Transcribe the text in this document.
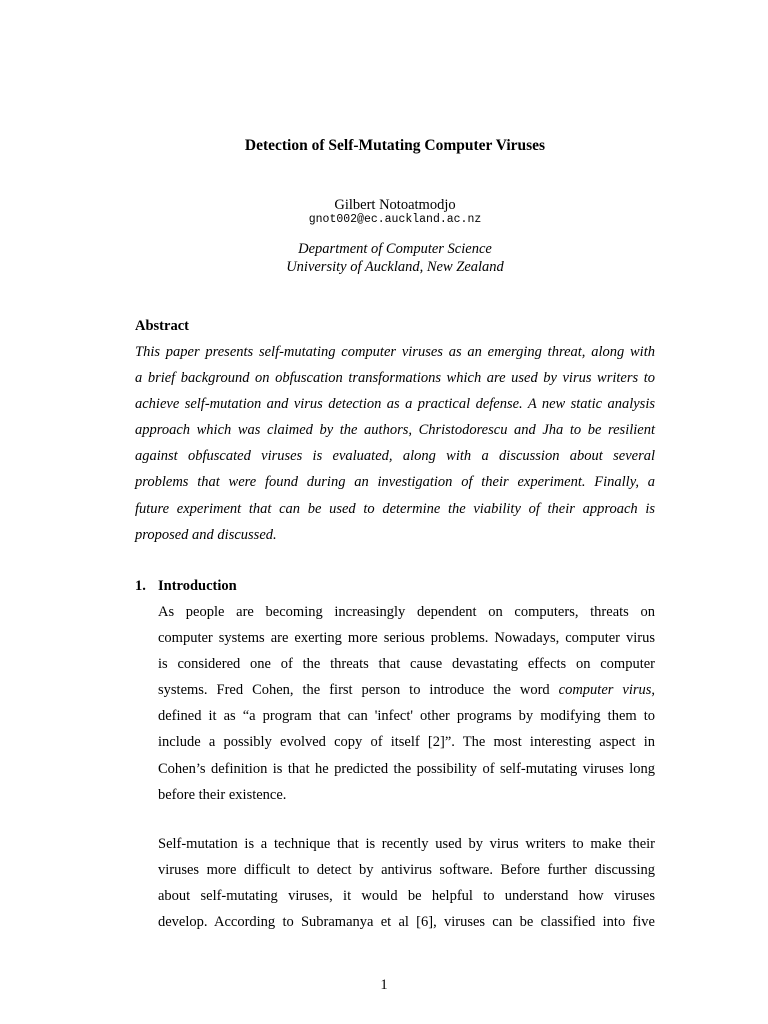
Detection of Self-Mutating Computer Viruses
Gilbert Notoatmodjo
gnot002@ec.auckland.ac.nz
Department of Computer Science
University of Auckland, New Zealand
Abstract
This paper presents self-mutating computer viruses as an emerging threat, along with
a brief background on obfuscation transformations which are used by virus writers to
achieve self-mutation and virus detection as a practical defense. A new static analysis
approach which was claimed by the authors, Christodorescu and Jha to be resilient
against obfuscated viruses is evaluated, along with a discussion about several
problems that were found during an investigation of their experiment. Finally, a
future experiment that can be used to determine the viability of their approach is
proposed and discussed.
1. Introduction
As people are becoming increasingly dependent on computers, threats on
computer systems are exerting more serious problems. Nowadays, computer virus
is considered one of the threats that cause devastating effects on computer
systems. Fred Cohen, the first person to introduce the word computer virus,
defined it as “a program that can 'infect' other programs by modifying them to
include a possibly evolved copy of itself [2]”. The most interesting aspect in
Cohen’s definition is that he predicted the possibility of self-mutating viruses long
before their existence.
Self-mutation is a technique that is recently used by virus writers to make their
viruses more difficult to detect by antivirus software. Before further discussing
about self-mutating viruses, it would be helpful to understand how viruses
develop. According to Subramanya et al [6], viruses can be classified into five
1
